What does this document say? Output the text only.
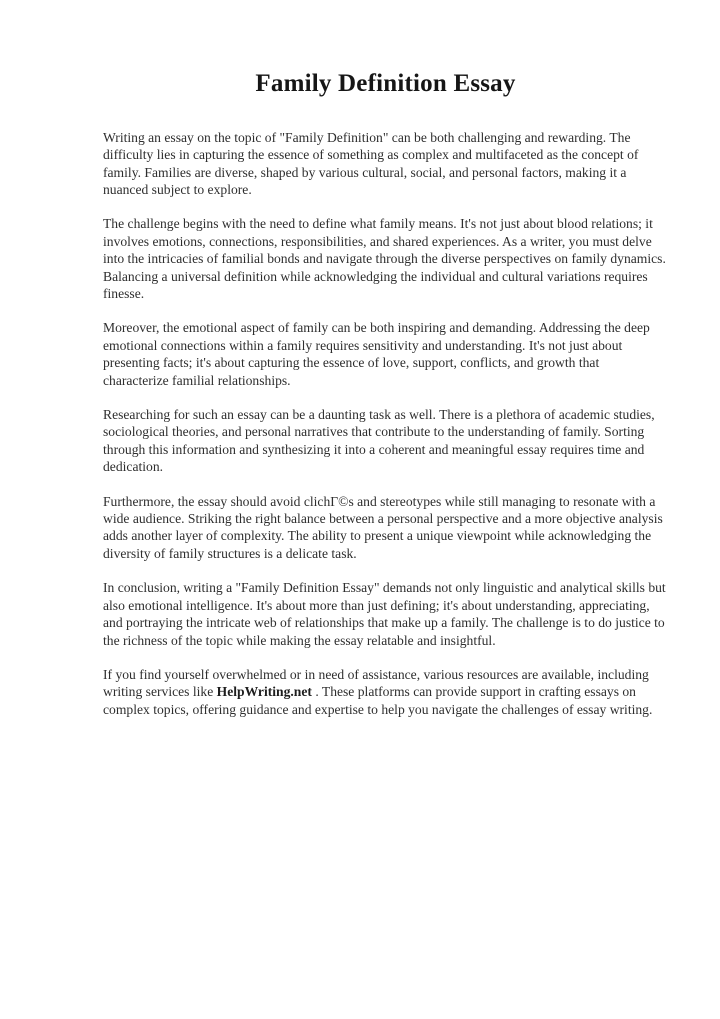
Family Definition Essay

Writing an essay on the topic of "Family Definition" can be both challenging and rewarding. The difficulty lies in capturing the essence of something as complex and multifaceted as the concept of family. Families are diverse, shaped by various cultural, social, and personal factors, making it a nuanced subject to explore.

The challenge begins with the need to define what family means. It's not just about blood relations; it involves emotions, connections, responsibilities, and shared experiences. As a writer, you must delve into the intricacies of familial bonds and navigate through the diverse perspectives on family dynamics. Balancing a universal definition while acknowledging the individual and cultural variations requires finesse.

Moreover, the emotional aspect of family can be both inspiring and demanding. Addressing the deep emotional connections within a family requires sensitivity and understanding. It's not just about presenting facts; it's about capturing the essence of love, support, conflicts, and growth that characterize familial relationships.

Researching for such an essay can be a daunting task as well. There is a plethora of academic studies, sociological theories, and personal narratives that contribute to the understanding of family. Sorting through this information and synthesizing it into a coherent and meaningful essay requires time and dedication.

Furthermore, the essay should avoid clichГ©s and stereotypes while still managing to resonate with a wide audience. Striking the right balance between a personal perspective and a more objective analysis adds another layer of complexity. The ability to present a unique viewpoint while acknowledging the diversity of family structures is a delicate task.

In conclusion, writing a "Family Definition Essay" demands not only linguistic and analytical skills but also emotional intelligence. It's about more than just defining; it's about understanding, appreciating, and portraying the intricate web of relationships that make up a family. The challenge is to do justice to the richness of the topic while making the essay relatable and insightful.

If you find yourself overwhelmed or in need of assistance, various resources are available, including writing services like HelpWriting.net . These platforms can provide support in crafting essays on complex topics, offering guidance and expertise to help you navigate the challenges of essay writing.
